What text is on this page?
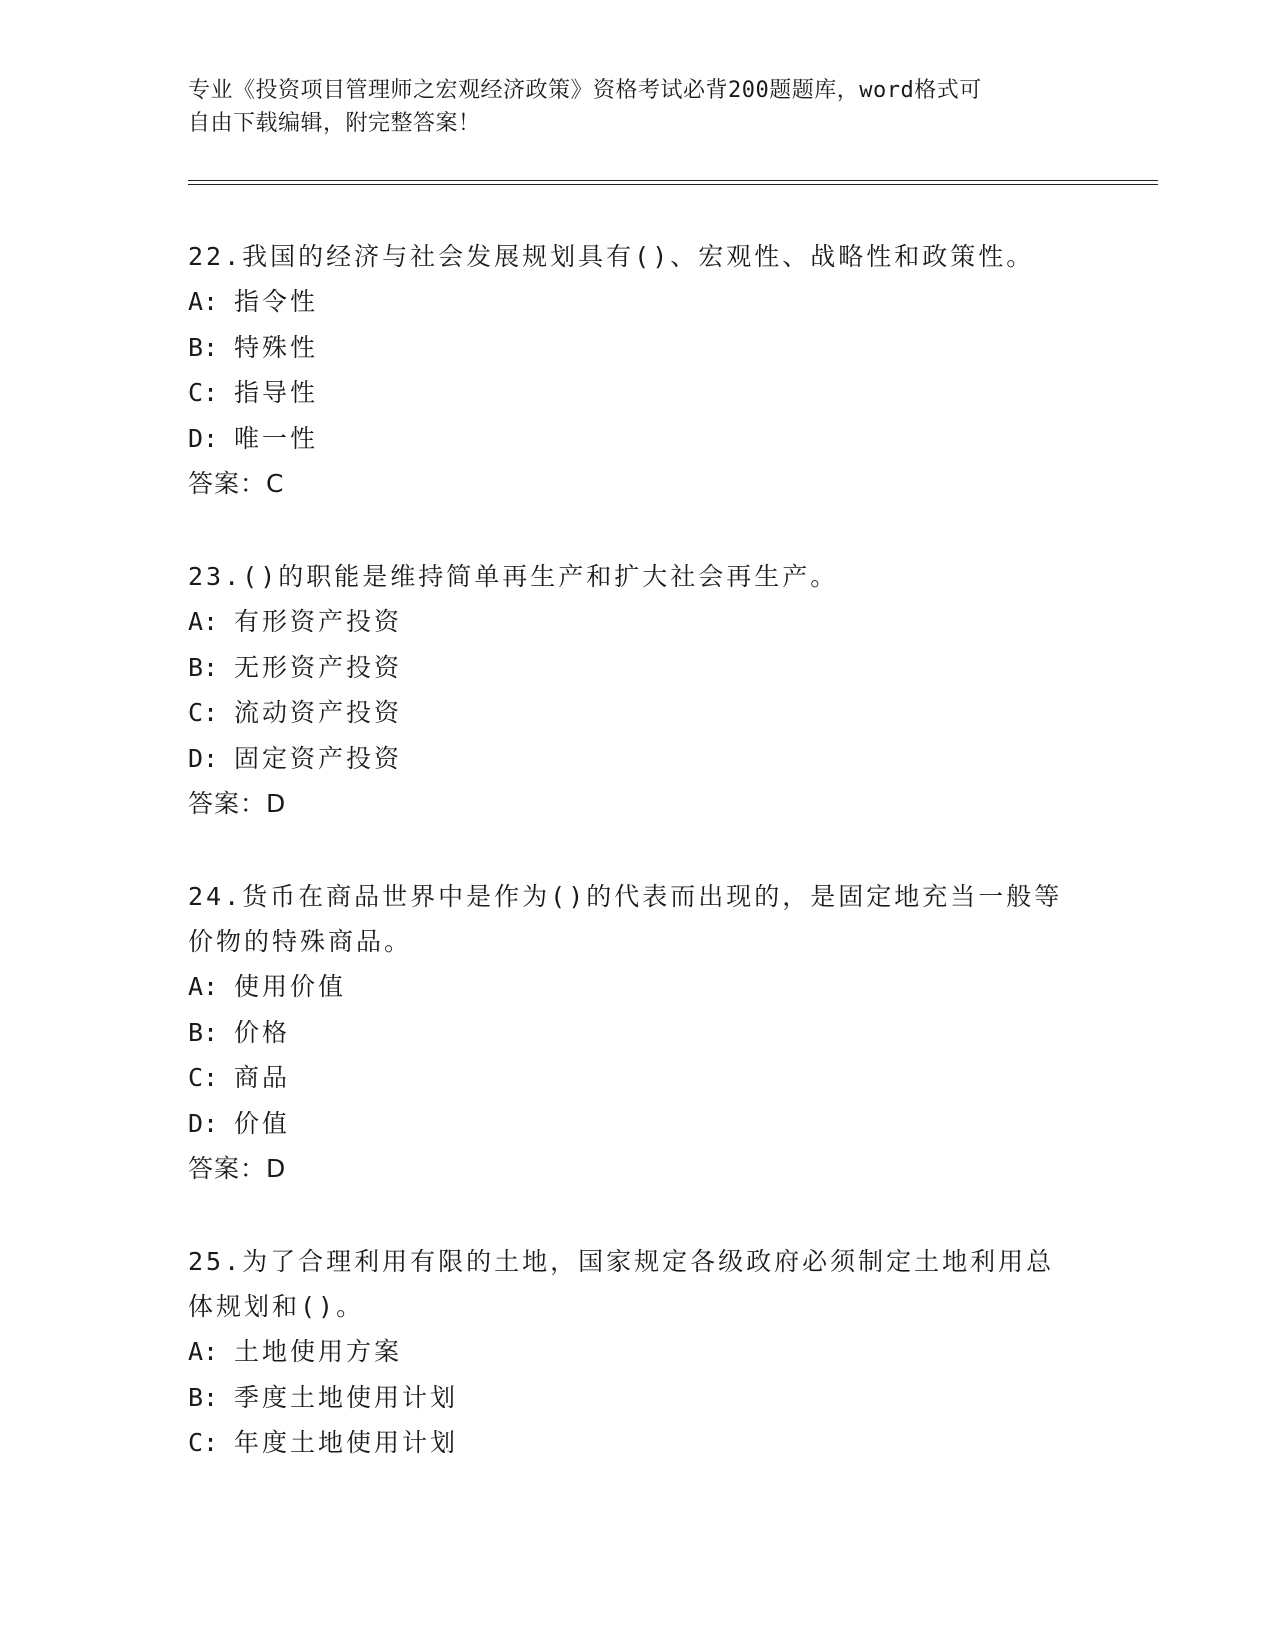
专业《投资项目管理师之宏观经济政策》资格考试必背200题题库，word格式可
自由下载编辑，附完整答案！

22.我国的经济与社会发展规划具有()、宏观性、战略性和政策性。

A: 指令性

B: 特殊性

C: 指导性

D: 唯一性

答案：C

23.()的职能是维持简单再生产和扩大社会再生产。

A: 有形资产投资

B: 无形资产投资

C: 流动资产投资

D: 固定资产投资

答案：D

24.货币在商品世界中是作为()的代表而出现的，是固定地充当一般等

价物的特殊商品。

A: 使用价值

B: 价格

C: 商品

D: 价值

答案：D

25.为了合理利用有限的土地，国家规定各级政府必须制定土地利用总

体规划和()。

A: 土地使用方案

B: 季度土地使用计划

C: 年度土地使用计划
